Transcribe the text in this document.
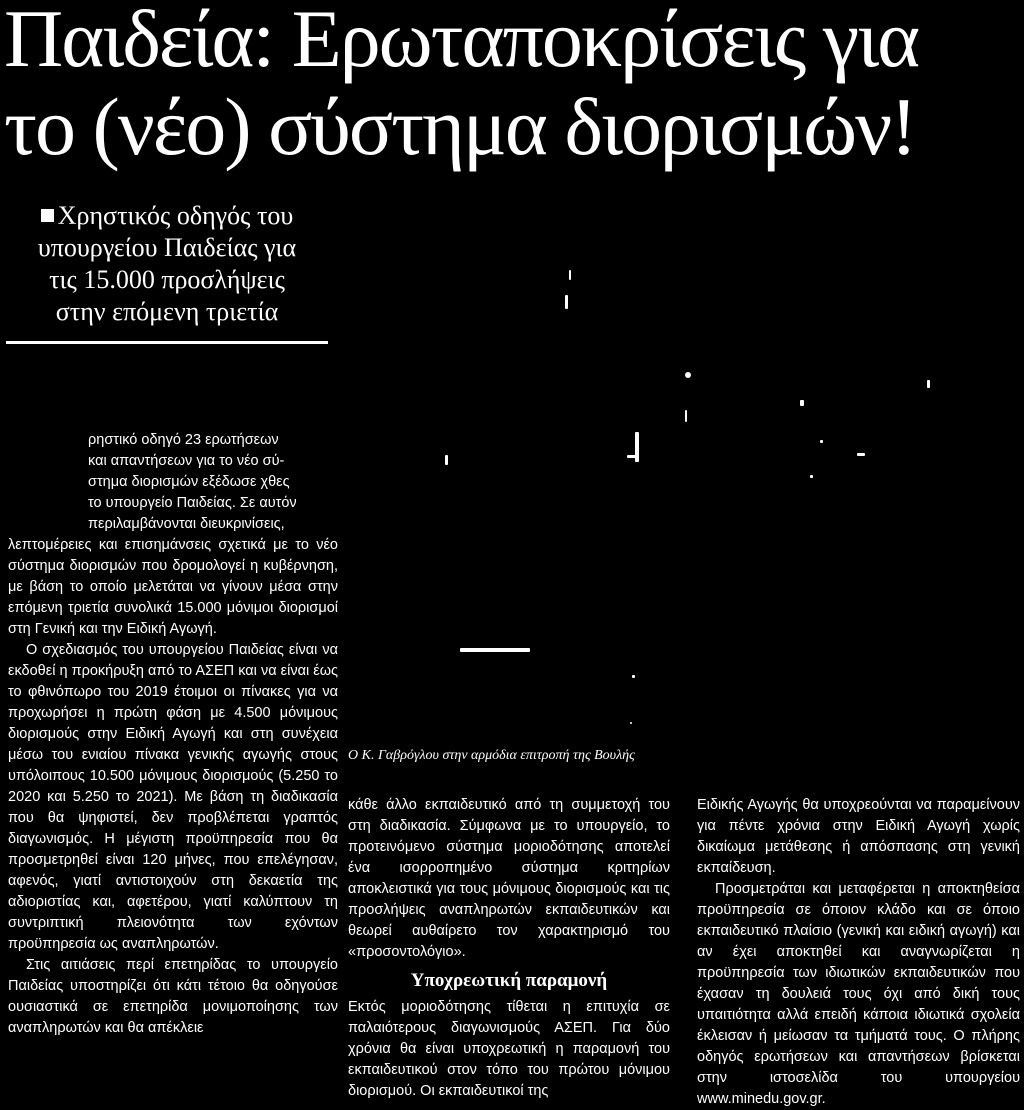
Παιδεία: Ερωταποκρίσεις για
το (νέο) σύστημα διορισμών!
Χρηστικός οδηγός του
υπουργείου Παιδείας για
τις 15.000 προσλήψεις
στην επόμενη τριετία
ρηστικό οδηγό 23 ερωτήσεων
και απαντήσεων για το νέο σύ-
στημα διορισμών εξέδωσε χθες
το υπουργείο Παιδείας. Σε αυτόν
περιλαμβάνονται διευκρινίσεις,

λεπτομέρειες και επισημάνσεις σχετικά με το νέο σύστημα διορισμών που δρομολογεί η κυβέρνηση, με βάση το οποίο μελετάται να γίνουν μέσα στην επόμενη τριετία συνολικά 15.000 μόνιμοι διορισμοί στη Γενική και την Ειδική Αγωγή.

Ο σχεδιασμός του υπουργείου Παιδείας είναι να εκδοθεί η προκήρυξη από το ΑΣΕΠ και να είναι έως το φθινόπωρο του 2019 έτοιμοι οι πίνακες για να προχωρήσει η πρώτη φάση με 4.500 μόνιμους διορισμούς στην Ειδική Αγωγή και στη συνέχεια μέσω του ενιαίου πίνακα γενικής αγωγής στους υπόλοιπους 10.500 μόνιμους διορισμούς (5.250 το 2020 και 5.250 το 2021). Με βάση τη διαδικασία που θα ψηφιστεί, δεν προβλέπεται γραπτός διαγωνισμός. Η μέγιστη προϋπηρεσία που θα προσμετρηθεί είναι 120 μήνες, που επελέγησαν, αφενός, γιατί αντιστοιχούν στη δεκαετία της αδιοριστίας και, αφετέρου, γιατί καλύπτουν τη συντριπτική πλειονότητα των εχόντων προϋπηρεσία ως αναπληρωτών.

Στις αιτιάσεις περί επετηρίδας το υπουργείο Παιδείας υποστηρίζει ότι κάτι τέτοιο θα οδηγούσε ουσιαστικά σε επετηρίδα μονιμοποίησης των αναπληρωτών και θα απέκλειε

Ο Κ. Γαβρόγλου στην αρμόδια επιτροπή της Βουλής

κάθε άλλο εκπαιδευτικό από τη συμμετοχή του στη διαδικασία. Σύμφωνα με το υπουργείο, το προτεινόμενο σύστημα μοριοδότησης αποτελεί ένα ισορροπημένο σύστημα κριτηρίων αποκλειστικά για τους μόνιμους διορισμούς και τις προσλήψεις αναπληρωτών εκπαιδευτικών και θεωρεί αυθαίρετο τον χαρακτηρισμό του «προσοντολόγιο».

Υποχρεωτική παραμονή

Εκτός μοριοδότησης τίθεται η επιτυχία σε παλαιότερους διαγωνισμούς ΑΣΕΠ. Για δύο χρόνια θα είναι υποχρεωτική η παραμονή του εκπαιδευτικού στον τόπο του πρώτου μόνιμου διορισμού. Οι εκπαιδευτικοί της

Ειδικής Αγωγής θα υποχρεούνται να παραμείνουν για πέντε χρόνια στην Ειδική Αγωγή χωρίς δικαίωμα μετάθεσης ή απόσπασης στη γενική εκπαίδευση.

Προσμετράται και μεταφέρεται η αποκτηθείσα προϋπηρεσία σε όποιον κλάδο και σε όποιο εκπαιδευτικό πλαίσιο (γενική και ειδική αγωγή) και αν έχει αποκτηθεί και αναγνωρίζεται η προϋπηρεσία των ιδιωτικών εκπαιδευτικών που έχασαν τη δουλειά τους όχι από δική τους υπαιτιότητα αλλά επειδή κάποια ιδιωτικά σχολεία έκλεισαν ή μείωσαν τα τμήματά τους. Ο πλήρης οδηγός ερωτήσεων και απαντήσεων βρίσκεται στην ιστοσελίδα του υπουργείου www.minedu.gov.gr.
